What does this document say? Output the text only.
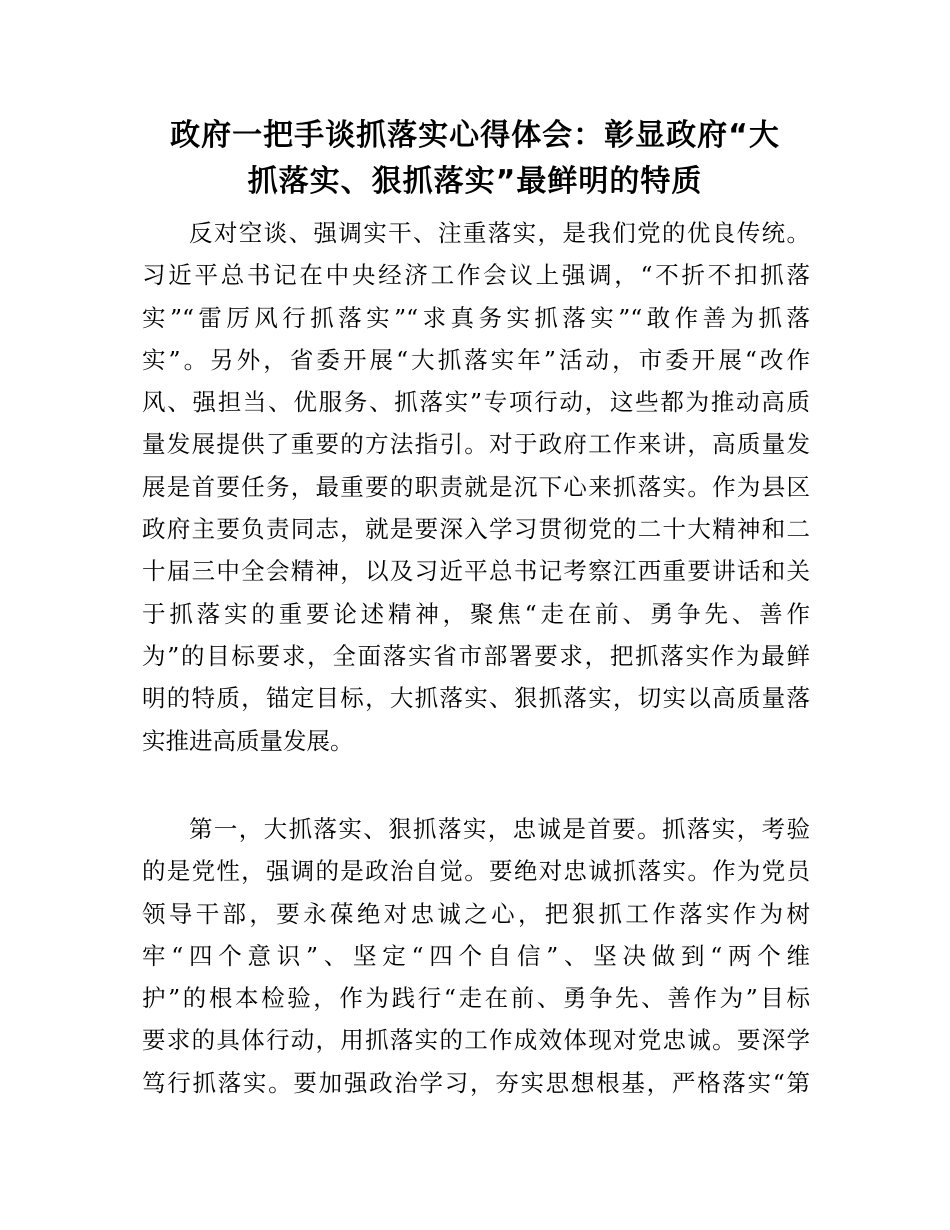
政府一把手谈抓落实心得体会：彰显政府“大
抓落实、狠抓落实”最鲜明的特质
反对空谈、强调实干、注重落实，是我们党的优良传统。
习近平总书记在中央经济工作会议上强调，“不折不扣抓落
实”“雷厉风行抓落实”“求真务实抓落实”“敢作善为抓落
实”。另外，省委开展“大抓落实年”活动，市委开展“改作
风、强担当、优服务、抓落实”专项行动，这些都为推动高质
量发展提供了重要的方法指引。对于政府工作来讲，高质量发
展是首要任务，最重要的职责就是沉下心来抓落实。作为县区
政府主要负责同志，就是要深入学习贯彻党的二十大精神和二
十届三中全会精神，以及习近平总书记考察江西重要讲话和关
于抓落实的重要论述精神，聚焦“走在前、勇争先、善作
为”的目标要求，全面落实省市部署要求，把抓落实作为最鲜
明的特质，锚定目标，大抓落实、狠抓落实，切实以高质量落
实推进高质量发展。
第一，大抓落实、狠抓落实，忠诚是首要。抓落实，考验
的是党性，强调的是政治自觉。要绝对忠诚抓落实。作为党员
领导干部，要永葆绝对忠诚之心，把狠抓工作落实作为树
牢“四个意识”、坚定“四个自信”、坚决做到“两个维
护”的根本检验，作为践行“走在前、勇争先、善作为”目标
要求的具体行动，用抓落实的工作成效体现对党忠诚。要深学
笃行抓落实。要加强政治学习，夯实思想根基，严格落实“第
